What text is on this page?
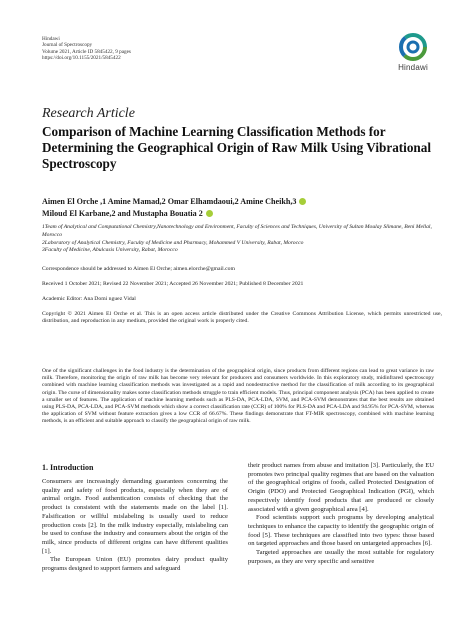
Hindawi
Journal of Spectroscopy
Volume 2021, Article ID 5845422, 9 pages
https://doi.org/10.1155/2021/5845422
Hindawi
Research Article
Comparison of Machine Learning Classification Methods for Determining the Geographical Origin of Raw Milk Using Vibrational Spectroscopy
Aimen El Orche ,1 Amine Mamad,2 Omar Elhamdaoui,2 Amine Cheikh,3
Miloud El Karbane,2 and Mustapha Bouatia 2
1Team of Analytical and Computational Chemistry,Nanotechnology and Environment, Faculty of Sciences and Techniques, University of Sultan Moulay Slimane, Beni Mellal, Morocco
2Laboratory of Analytical Chemistry, Faculty of Medicine and Pharmacy, Mohammed V University, Rabat, Morocco
3Faculty of Medicine, Abulcasis University, Rabat, Morocco
Correspondence should be addressed to Aimen El Orche; aimen.elorche@gmail.com
Received 1 October 2021; Revised 22 November 2021; Accepted 26 November 2021; Published 8 December 2021
Academic Editor: Ana Domi nguez Vidal
Copyright © 2021 Aimen El Orche et al. This is an open access article distributed under the Creative Commons Attribution License, which permits unrestricted use, distribution, and reproduction in any medium, provided the original work is properly cited.
One of the significant challenges in the food industry is the determination of the geographical origin, since products from different regions can lead to great variance in raw milk. Therefore, monitoring the origin of raw milk has become very relevant for producers and consumers worldwide. In this exploratory study, midinfrared spectroscopy combined with machine learning classification methods was investigated as a rapid and nondestructive method for the classification of milk according to its geographical origin. The curse of dimensionality makes some classification methods struggle to train efficient models. Thus, principal component analysis (PCA) has been applied to create a smaller set of features. The application of machine learning methods such as PLS-DA, PCA-LDA, SVM, and PCA-SVM demonstrates that the best results are obtained using PLS-DA, PCA-LDA, and PCA-SVM methods which show a correct classification rate (CCR) of 100% for PLS-DA and PCA-LDA and 94.95% for PCA-SVM, whereas the application of SVM without feature extraction gives a low CCR of 66.67%. These findings demonstrate that FT-MIR spectroscopy, combined with machine learning methods, is an efficient and suitable approach to classify the geographical origin of raw milk.
1. Introduction

Consumers are increasingly demanding guarantees concerning the quality and safety of food products, especially when they are of animal origin. Food authentication consists of checking that the product is consistent with the statements made on the label [1]. Falsification or willful mislabeling is usually used to reduce production costs [2]. In the milk industry especially, mislabeling can be used to confuse the industry and consumers about the origin of the milk, since products of different origins can have different qualities [1].

The European Union (EU) promotes dairy product quality programs designed to support farmers and safeguard

their product names from abuse and imitation [3]. Particularly, the EU promotes two principal quality regimes that are based on the valuation of the geographical origins of foods, called Protected Designation of Origin (PDO) and Protected Geographical Indication (PGI), which respectively identify food products that are produced or closely associated with a given geographical area [4].

Food scientists support such programs by developing analytical techniques to enhance the capacity to identify the geographic origin of food [5]. These techniques are classified into two types: those based on targeted approaches and those based on untargeted approaches [6].

Targeted approaches are usually the most suitable for regulatory purposes, as they are very specific and sensitive
